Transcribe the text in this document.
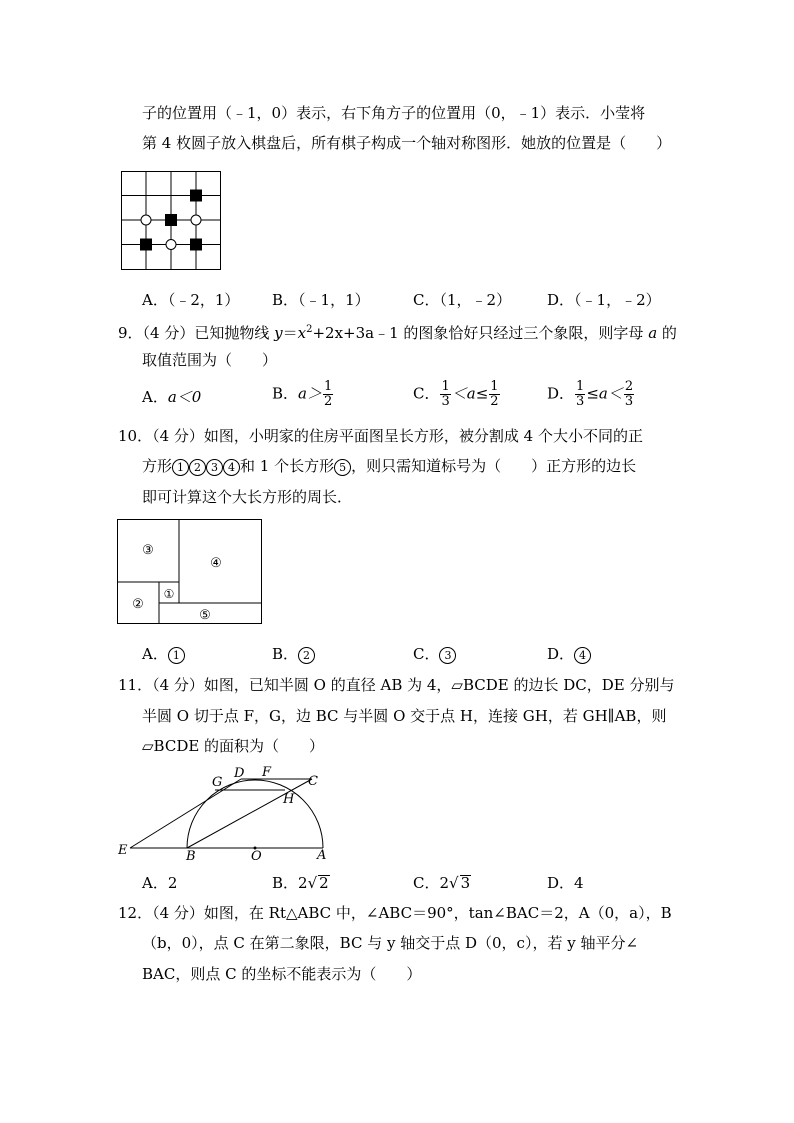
子的位置用（﹣1，0）表示，右下角方子的位置用（0，﹣1）表示．小莹将
第 4 枚圆子放入棋盘后，所有棋子构成一个轴对称图形．她放的位置是（　　）
A．（﹣2，1） B．（﹣1，1）	C．（1，﹣2） D．（﹣1，﹣2）
9．（4 分）已知抛物线 $y=x^2+2x+3a﹣1$ 的图象恰好只经过三个象限，则字母 a 的
取值范围为（　　）
A．a＜0	B．$a> \frac{1}{2}$	C． $\frac{1}{3} <a\le \frac{1}{2}$	D． $\frac{1}{3} \le a< \frac{2}{3}$
10．（4 分）如图，小明家的住房平面图呈长方形，被分割成 4 个大小不同的正
方形 1 2 3 4 和 1 个长方形 5 ，则只需知道标号为（　　）正方形的边长
即可计算这个大长方形的周长．
③
④
②
①
⑤
A． 1	B． 2	C． 3	D． 4
11．（4 分）如图，已知半圆 O 的直径 AB 为 4，▱BCDE 的边长 DC，DE 分别与
半圆 O 切于点 F，G，边 BC 与半圆 O 交于点 H，连接 GH，若 GH∥AB，则
▱BCDE 的面积为（　　）
G
D F
C
H
E	B	O	A
A．2	B．2√ 2	C．2√ 3	D．4
12．（4 分）如图，在 Rt△ABC 中，∠ABC＝90°，tan∠BAC＝2，A（0，a），B
（b，0），点 C 在第二象限，BC 与 y 轴交于点 D（0，c），若 y 轴平分∠
BAC，则点 C 的坐标不能表示为（　　）
